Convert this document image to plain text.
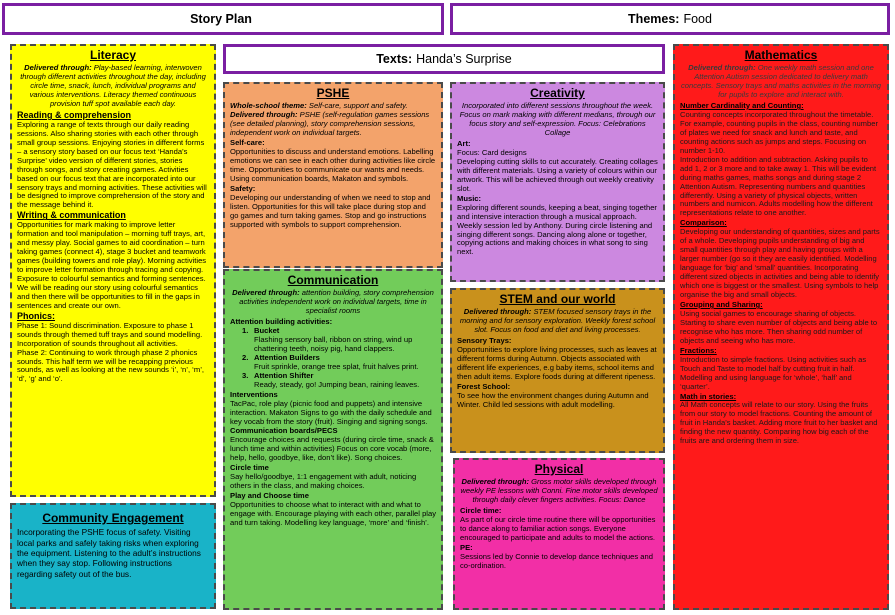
Story Plan	Themes: Food
Texts: Handa’s Surprise
Literacy

Delivered through: Play-based learning, interwoven through different activities throughout the day, including circle time, snack, lunch, individual programs and various interventions. Literacy themed continuous provision tuff spot available each day.

Reading & comprehension

Exploring a range of texts through our daily reading sessions. Also sharing stories with each other through small group sessions. Enjoying stories in different forms – a sensory story based on our focus text ‘Handa’s Surprise’ video version of different stories, stories through songs, and story creating games. Activities based on our focus text that are incorporated into our sensory trays and morning activities. These activities will be designed to improve comprehension of the story and the message behind it.

Writing & communication

Opportunities for mark making to improve letter formation and tool manipulation – morning tuff trays, art, and messy play. Social games to aid coordination – turn taking games (connect 4), stage 3 bucket and teamwork games (building towers and role play). Morning activities to improve letter formation through tracing and copying.

Exposure to colourful semantics and forming sentences. We will be reading our story using colourful semantics and then there will be opportunities to fill in the gaps in sentences and create our own.

Phonics:

Phase 1: Sound discrimination. Exposure to phase 1 sounds through themed tuff trays and sound modelling. Incorporation of sounds throughout all activities.

Phase 2: Continuing to work through phase 2 phonics sounds. This half term we will be recapping previous sounds, as well as looking at the new sounds ‘i’, ‘n’, ‘m’, ‘d’, ‘g’ and ‘o’.

Community Engagement

Incorporating the PSHE focus of safety. Visiting local parks and safely taking risks when exploring the equipment. Listening to the adult’s instructions when they say stop. Following instructions regarding safety out of the bus.

PSHE

Whole-school theme: Self-care, support and safety.

Delivered through: PSHE (self-regulation games sessions (see detailed planning), story comprehension sessions, independent work on individual targets.

Self-care:

Opportunities to discuss and understand emotions. Labelling emotions we can see in each other during activities like circle time. Opportunities to communicate our wants and needs. Using communication boards, Makaton and symbols.

Safety:

Developing our understanding of when we need to stop and listen. Opportunities for this will take place during stop and go games and turn taking games. Stop and go instructions supported with symbols to support comprehension.

Communication

Delivered through: attention building, story comprehension activities independent work on individual targets, time in specialist rooms

Attention building activities:
1. Bucket

Flashing sensory ball, ribbon on string, wind up chattering teeth, noisy pig, hand clappers.

2. Attention Builders

Fruit sprinkle, orange tree splat, fruit halves print.

3. Attention Shifter

Ready, steady, go! Jumping bean, raining leaves.

Interventions

TacPac, role play (picnic food and puppets) and intensive interaction. Makaton Signs to go with the daily schedule and key vocab from the story (fruit). Singing and signing songs.

Communication boards/PECS

Encourage choices and requests (during circle time, snack & lunch time and within activities) Focus on core vocab (more, help, hello, goodbye, like, don’t like). Song choices.

Circle time

Say hello/goodbye, 1:1 engagement with adult, noticing others in the class, and making choices.

Play and Choose time

Opportunities to choose what to interact with and what to engage with. Encourage playing with each other, parallel play and turn taking. Modelling key language, ‘more’ and ‘finish’.

Creativity

Incorporated into different sessions throughout the week. Focus on mark making with different medians, through our focus story and self-expression. Focus: Celebrations Collage

Art:

Focus: Card designs

Developing cutting skills to cut accurately. Creating collages with different materials. Using a variety of colours within our artwork. This will be achieved through out weekly creativity slot.

Music:

Exploring different sounds, keeping a beat, singing together and intensive interaction through a musical approach. Weekly session led by Anthony. During circle listening and singing different songs. Dancing along alone or together, copying actions and making choices in what song to sing next.

STEM and our world

Delivered through: STEM focused sensory trays in the morning and for sensory exploration. Weekly forest school slot. Focus on food and diet and living processes.

Sensory Trays:

Opportunities to explore living processes, such as leaves at different forms during Autumn. Objects associated with different life experiences, e.g baby items, school items and then adult items. Explore foods during at different ripeness.

Forest School:

To see how the environment changes during Autumn and Winter. Child led sessions with adult modelling.

Physical

Delivered through: Gross motor skills developed through weekly PE lessons with Conni. Fine motor skills developed through daily clever fingers activities. Focus: Dance

Circle time:

As part of our circle time routine there will be opportunities to dance along to familiar action songs. Everyone encouraged to participate and adults to model the actions.

PE:

Sessions led by Connie to develop dance techniques and co-ordination.

Mathematics

Delivered through: One weekly math session and one Attention Autism session dedicated to delivery math concepts. Sensory trays and maths activities in the morning for pupils to explore and interact with.

Number Cardinality and Counting:

Counting concepts incorporated throughout the timetable. For example, counting pupils in the class, counting number of plates we need for snack and lunch and taste, and counting actions such as jumps and steps. Focusing on number 1-10.

Introduction to addition and subtraction. Asking pupils to add 1, 2 or 3 more and to take away 1. This will be evident during maths games, maths songs and during stage 2 Attention Autism. Representing numbers and quantities differently. Using a variety of physical objects, written numbers and numicon. Adults modelling how the different representations relate to one another.

Comparison:

Developing our understanding of quantities, sizes and parts of a whole. Developing pupils understanding of big and small quantities through play and having groups with a larger number (go so it they are easily identified. Modelling language for ‘big’ and ‘small’ quantities. Incorporating different sized objects in activities and being able to identify which one is biggest or the smallest. Using symbols to help organise the big and small objects.

Grouping and Sharing:

Using social games to encourage sharing of objects. Starting to share even number of objects and being able to recognise who has more. Then sharing odd number of objects and seeing who has more.

Fractions:

Introduction to simple fractions. Using activities such as Touch and Taste to model half by cutting fruit in half. Modelling and using language for ‘whole’, ‘half’ and ‘quarter’.

Math in stories:

All Math concepts will relate to our story. Using the fruits from our story to model fractions. Counting the amount of fruit in Handa’s basket. Adding more fruit to her basket and finding the new quantity. Comparing how big each of the fruits are and ordering them in size.
